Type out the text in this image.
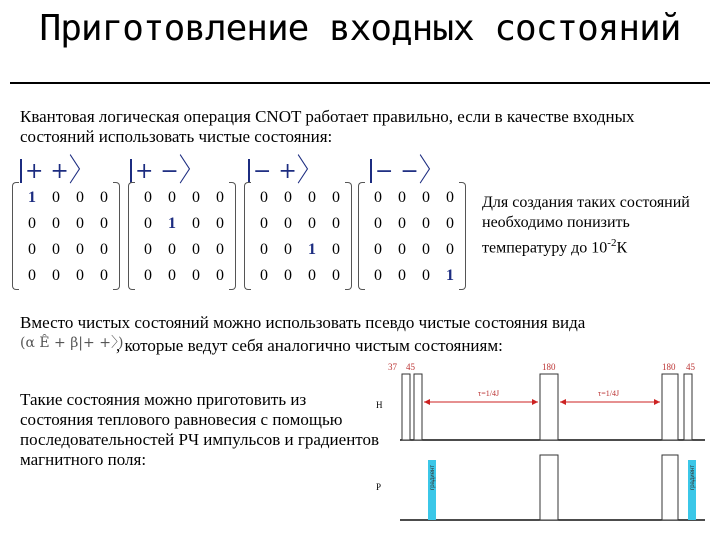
Приготовление входных состояний
Квантовая логическая операция CNOT работает правильно, если в качестве входных состояний использовать чистые состояния:
+ +〉 + −〉 − +〉 − −〉
1	0	0	0
0	0	0	0
0	0	0	0
0	0	0	0
0	0	0	0
0	1	0	0
0	0	0	0
0	0	0	0
0	0	0	0
0	0	0	0
0	0	1	0
0	0	0	0
0	0	0	0
0	0	0	0
0	0	0	0
0	0	0	1
Для создания таких состояний необходимо понизить температуру до $10^{-2}К$
Вместо чистых состояний можно использовать псевдо чистые состояния вида
(α Ê + β|+ +〉)
, которые ведут себя аналогично чистым состояниям:
Такие состояния можно приготовить из состояния теплового равновесия с помощью последовательностей РЧ импульсов и градиентов магнитного поля:
37 45	180	180 45
H
P
τ=1/4J	τ=1/4J
градиент	градиент
